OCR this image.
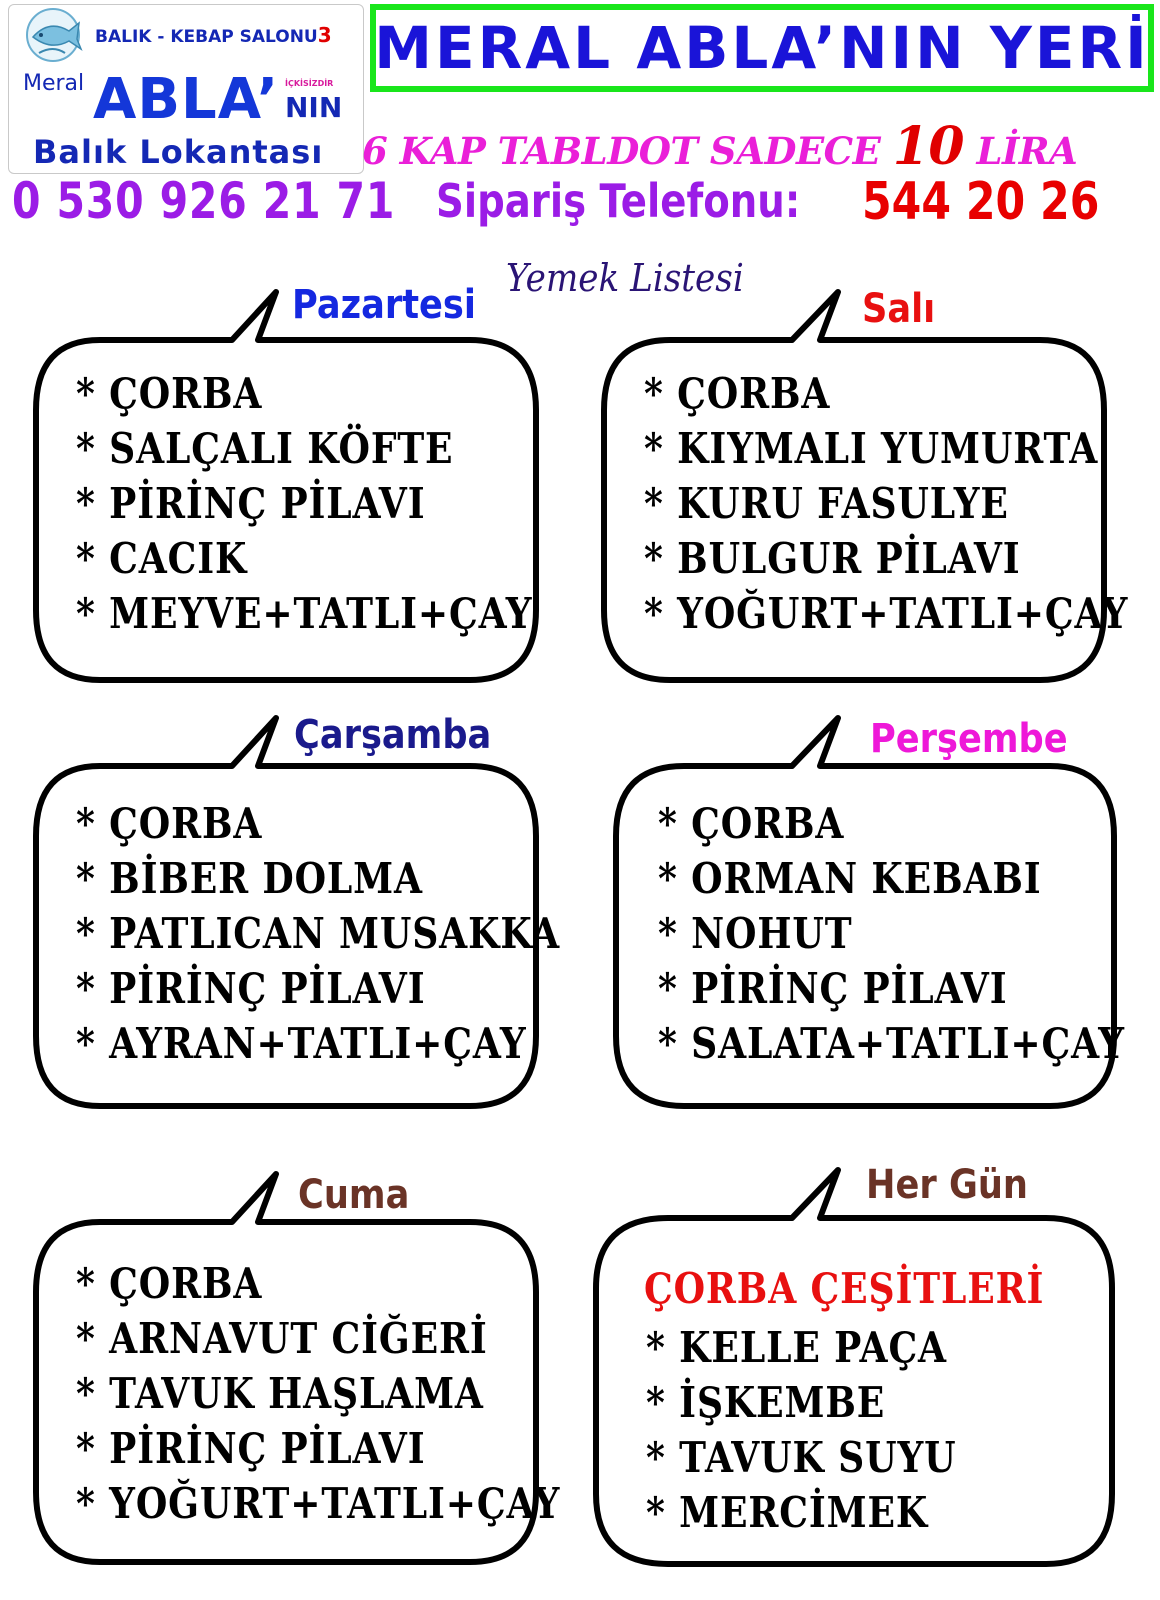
BALIK - KEBAP SALONU3
Meral ABLA’ İÇKİSİZDİR
NIN
Balık Lokantası
MERAL ABLA’NIN YERİ
6 KAP TABLDOT SADECE 10 LİRA
0 530 926 21 71 Sipariş Telefonu: 544 20 26
Yemek Listesi
Pazartesi	Salı
Çarşamba	Perşembe
Cuma	Her Gün
* ÇORBA
* SALÇALI KÖFTE
* PİRİNÇ PİLAVI
* CACIK
* MEYVE+TATLI+ÇAY
* ÇORBA
* KIYMALI YUMURTA
* KURU FASULYE
* BULGUR PİLAVI
* YOĞURT+TATLI+ÇAY
* ÇORBA
* BİBER DOLMA
* PATLICAN MUSAKKA
* PİRİNÇ PİLAVI
* AYRAN+TATLI+ÇAY
* ÇORBA
* ORMAN KEBABI
* NOHUT
* PİRİNÇ PİLAVI
* SALATA+TATLI+ÇAY
* ÇORBA
* ARNAVUT CİĞERİ
* TAVUK HAŞLAMA
* PİRİNÇ PİLAVI
* YOĞURT+TATLI+ÇAY
ÇORBA ÇEŞİTLERİ
* KELLE PAÇA
* İŞKEMBE
* TAVUK SUYU
* MERCİMEK
